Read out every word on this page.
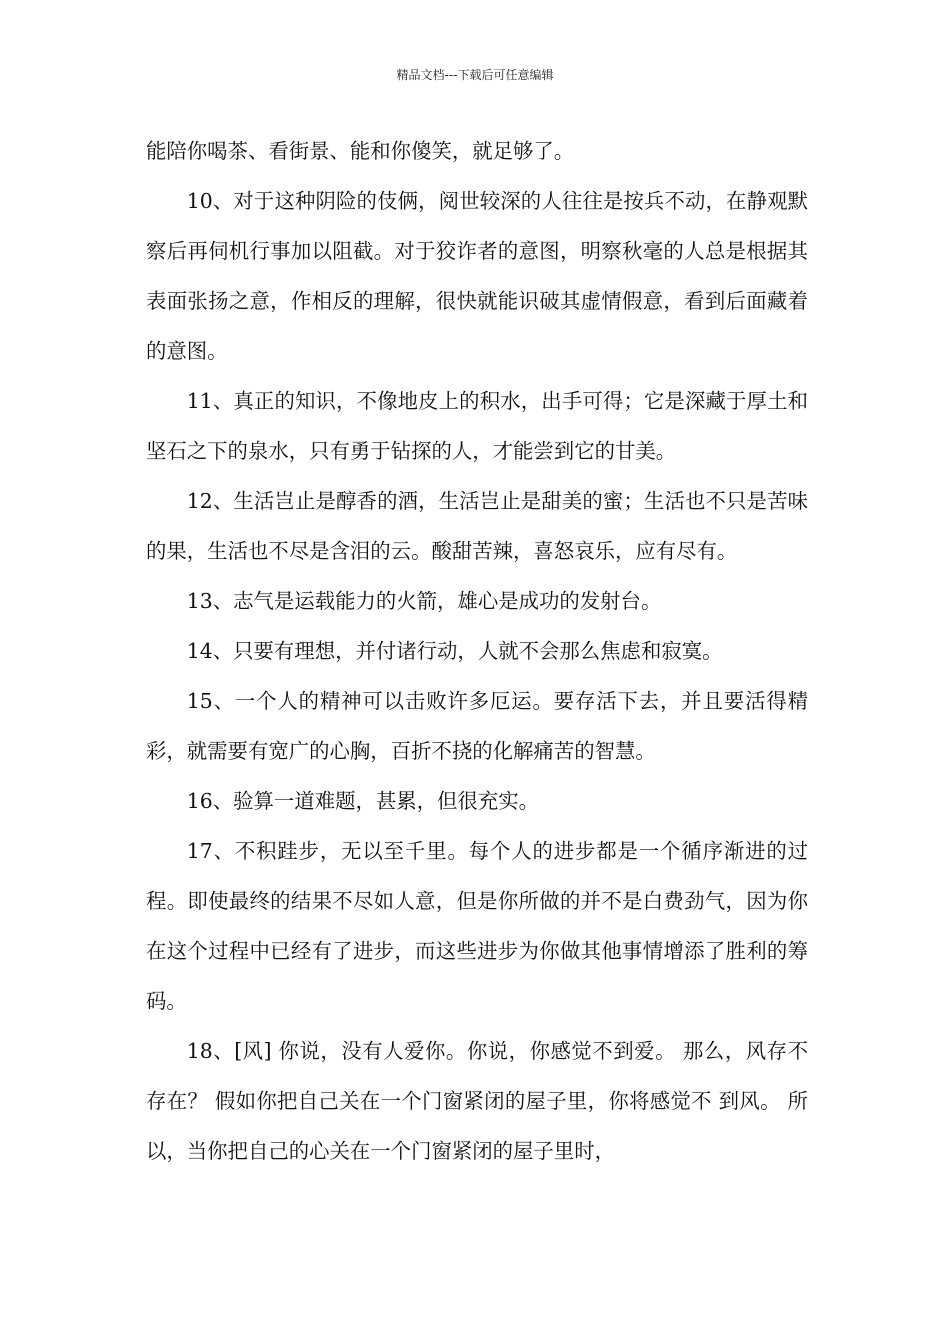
精品文档---下载后可任意编辑

能陪你喝茶、看街景、能和你傻笑，就足够了。

10、对于这种阴险的伎俩，阅世较深的人往往是按兵不动，在静观默察后再伺机行事加以阻截。对于狡诈者的意图，明察秋毫的人总是根据其表面张扬之意，作相反的理解，很快就能识破其虚情假意，看到后面藏着的意图。

11、真正的知识，不像地皮上的积水，出手可得；它是深藏于厚土和坚石之下的泉水，只有勇于钻探的人，才能尝到它的甘美。

12、生活岂止是醇香的酒，生活岂止是甜美的蜜；生活也不只是苦味的果，生活也不尽是含泪的云。酸甜苦辣，喜怒哀乐，应有尽有。

13、志气是运载能力的火箭，雄心是成功的发射台。

14、只要有理想，并付诸行动，人就不会那么焦虑和寂寞。

15、一个人的精神可以击败许多厄运。要存活下去，并且要活得精彩，就需要有宽广的心胸，百折不挠的化解痛苦的智慧。

16、验算一道难题，甚累，但很充实。

17、不积跬步，无以至千里。每个人的进步都是一个循序渐进的过程。即使最终的结果不尽如人意，但是你所做的并不是白费劲气，因为你在这个过程中已经有了进步，而这些进步为你做其他事情增添了胜利的筹码。

18、[风] 你说，没有人爱你。你说，你感觉不到爱。 那么，风存不存在？ 假如你把自己关在一个门窗紧闭的屋子里，你将感觉不 到风。 所以，当你把自己的心关在一个门窗紧闭的屋子里时，
